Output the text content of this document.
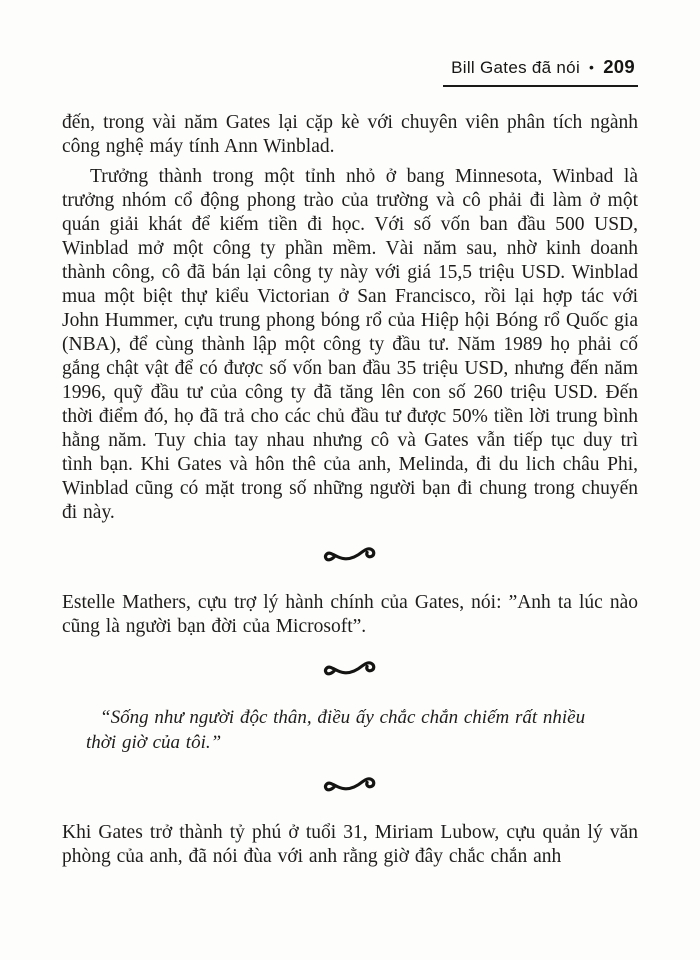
Bill Gates đã nói • 209

đến, trong vài năm Gates lại cặp kè với chuyên viên phân tích ngành công nghệ máy tính Ann Winblad.

Trưởng thành trong một tỉnh nhỏ ở bang Minnesota, Winbad là trưởng nhóm cổ động phong trào của trường và cô phải đi làm ở một quán giải khát để kiếm tiền đi học. Với số vốn ban đầu 500 USD, Winblad mở một công ty phần mềm. Vài năm sau, nhờ kinh doanh thành công, cô đã bán lại công ty này với giá 15,5 triệu USD. Winblad mua một biệt thự kiểu Victorian ở San Francisco, rồi lại hợp tác với John Hummer, cựu trung phong bóng rổ của Hiệp hội Bóng rổ Quốc gia (NBA), để cùng thành lập một công ty đầu tư. Năm 1989 họ phải cố gắng chật vật để có được số vốn ban đầu 35 triệu USD, nhưng đến năm 1996, quỹ đầu tư của công ty đã tăng lên con số 260 triệu USD. Đến thời điểm đó, họ đã trả cho các chủ đầu tư được 50% tiền lời trung bình hằng năm. Tuy chia tay nhau nhưng cô và Gates vẫn tiếp tục duy trì tình bạn. Khi Gates và hôn thê của anh, Melinda, đi du lich châu Phi, Winblad cũng có mặt trong số những người bạn đi chung trong chuyến đi này.

Estelle Mathers, cựu trợ lý hành chính của Gates, nói: ”Anh ta lúc nào cũng là người bạn đời của Microsoft”.

“Sống như người độc thân, điều ấy chắc chắn chiếm rất nhiều thời giờ của tôi.”

Khi Gates trở thành tỷ phú ở tuổi 31, Miriam Lubow, cựu quản lý văn phòng của anh, đã nói đùa với anh rằng giờ đây chắc chắn anh
